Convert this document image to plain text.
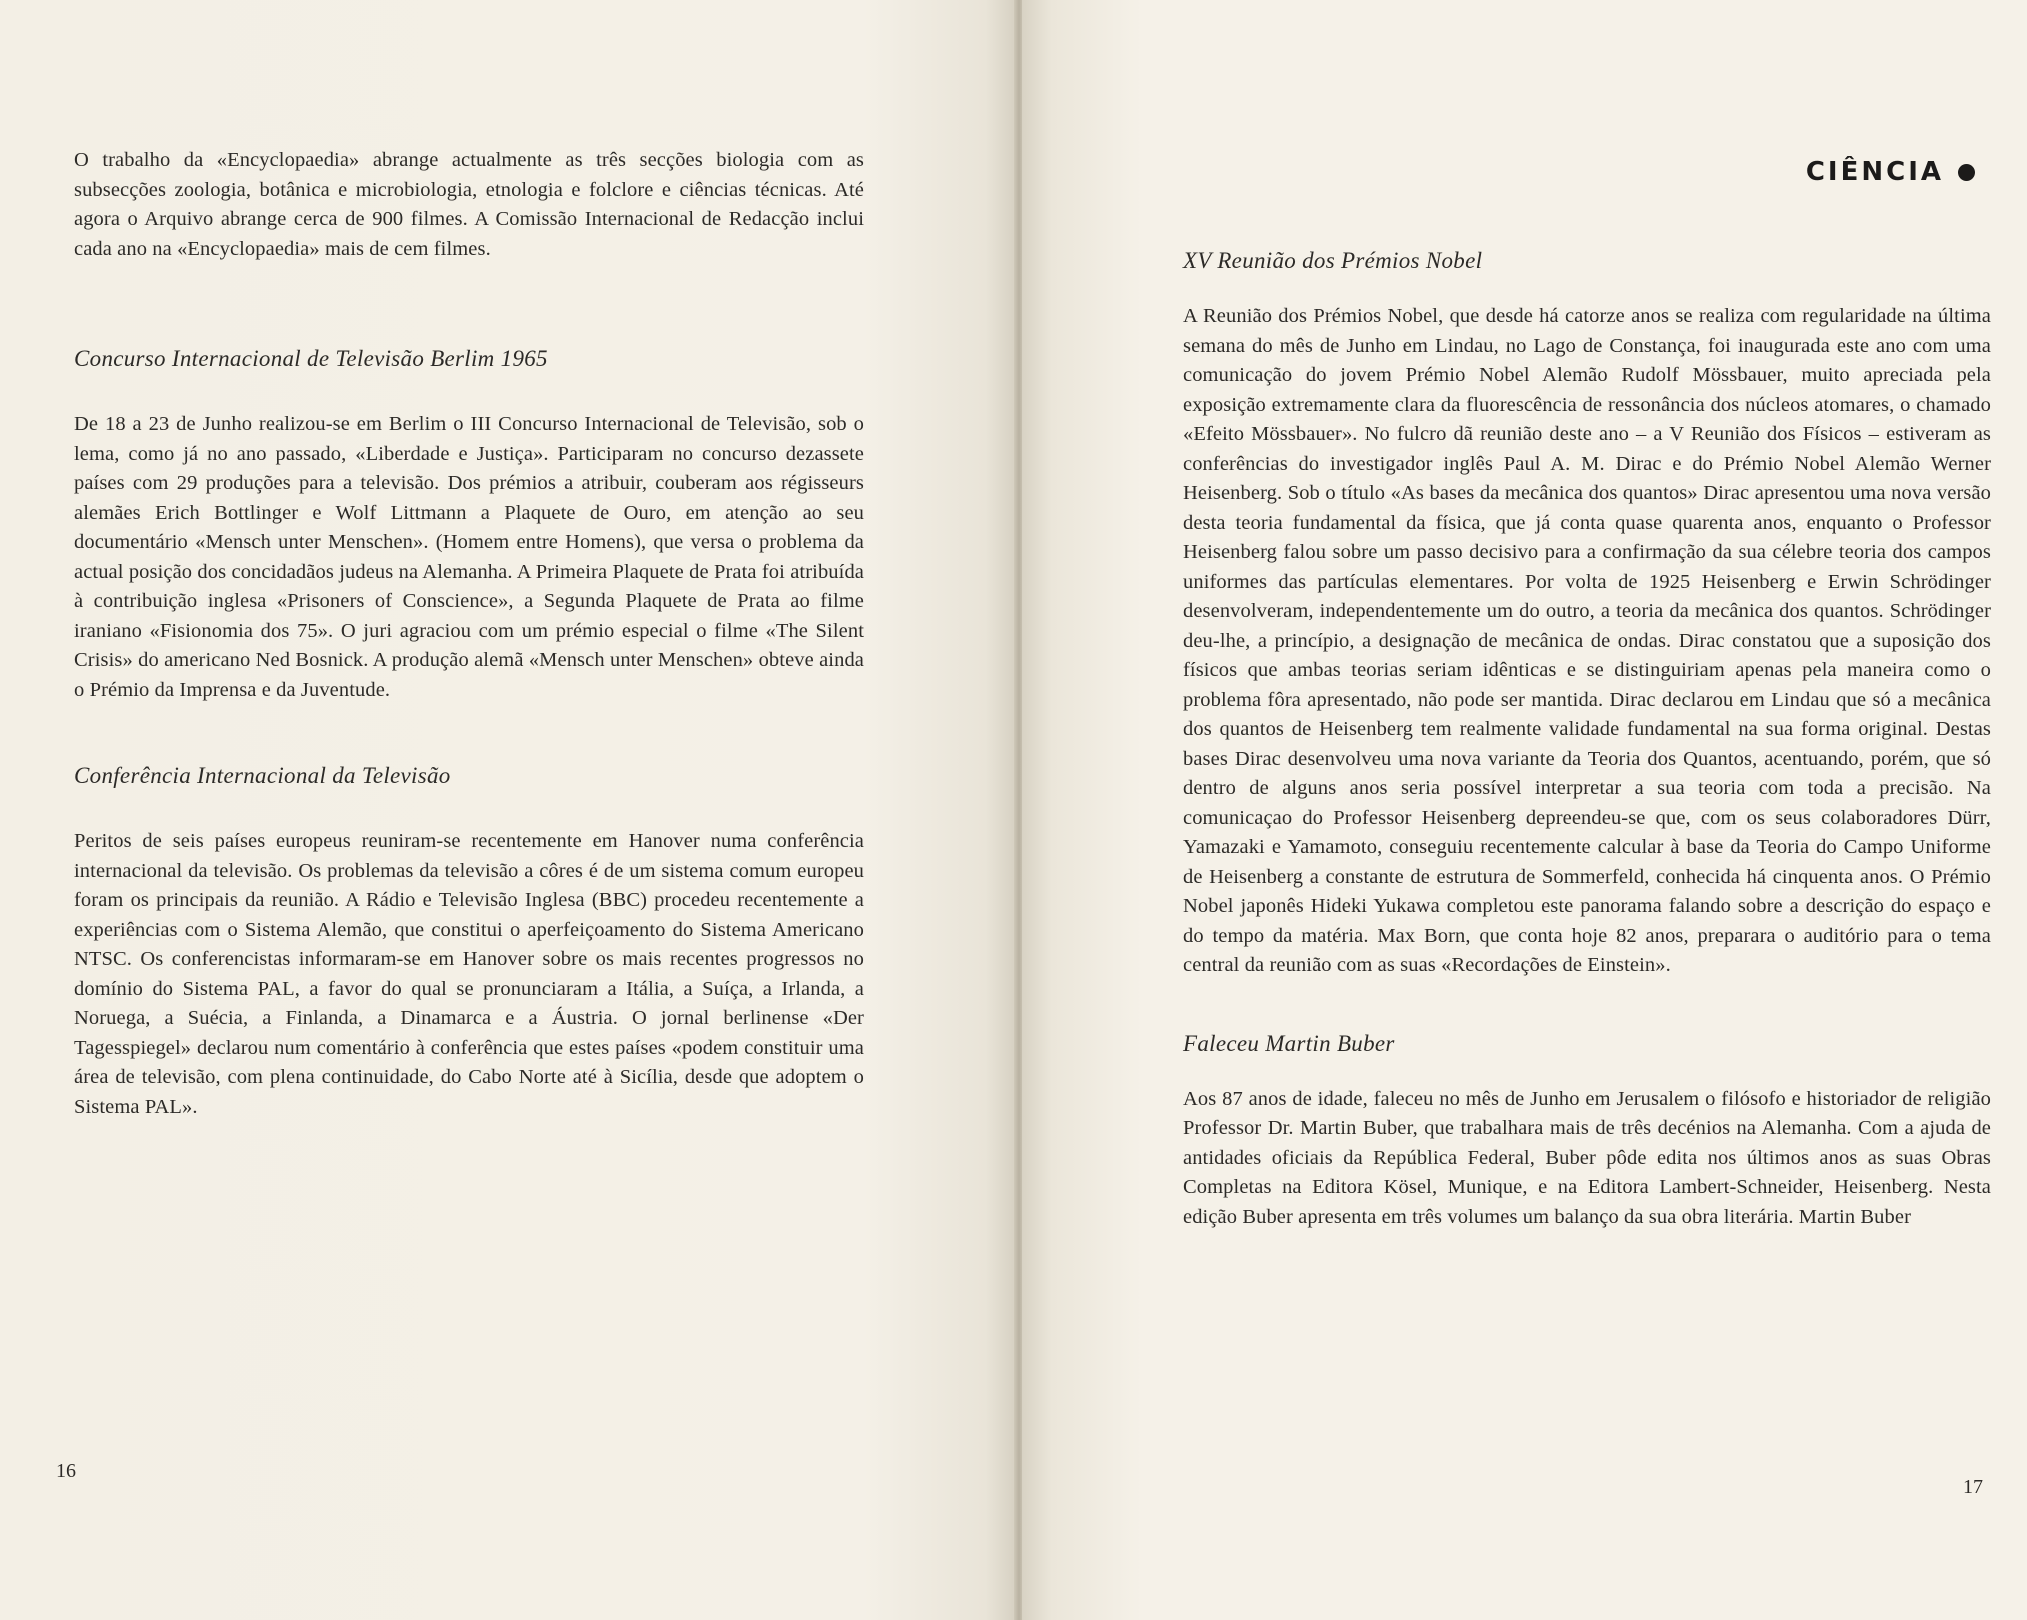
O trabalho da «Encyclopaedia» abrange actualmente as três secções biologia com as subsecções zoologia, botânica e microbiologia, etnologia e folclore e ciências técnicas. Até agora o Arquivo abrange cerca de 900 filmes. A Comissão Internacional de Redacção inclui cada ano na «Encyclopaedia» mais de cem filmes.

Concurso Internacional de Televisão Berlim 1965

De 18 a 23 de Junho realizou-se em Berlim o III Concurso Internacional de Televisão, sob o lema, como já no ano passado, «Liberdade e Justiça». Participaram no concurso dezassete países com 29 produções para a televisão. Dos prémios a atribuir, couberam aos régisseurs alemães Erich Bottlinger e Wolf Littmann a Plaquete de Ouro, em atenção ao seu documentário «Mensch unter Menschen». (Homem entre Homens), que versa o problema da actual posição dos concidadãos judeus na Alemanha. A Primeira Plaquete de Prata foi atribuída à contribuição inglesa «Prisoners of Conscience», a Segunda Plaquete de Prata ao filme iraniano «Fisionomia dos 75». O juri agraciou com um prémio especial o filme «The Silent Crisis» do americano Ned Bosnick. A produção alemã «Mensch unter Menschen» obteve ainda o Prémio da Imprensa e da Juventude.

Conferência Internacional da Televisão

Peritos de seis países europeus reuniram-se recentemente em Hanover numa conferência internacional da televisão. Os problemas da televisão a côres é de um sistema comum europeu foram os principais da reunião. A Rádio e Televisão Inglesa (BBC) procedeu recentemente a experiências com o Sistema Alemão, que constitui o aperfeiçoamento do Sistema Americano NTSC. Os conferencistas informaram-se em Hanover sobre os mais recentes progressos no domínio do Sistema PAL, a favor do qual se pronunciaram a Itália, a Suíça, a Irlanda, a Noruega, a Suécia, a Finlanda, a Dinamarca e a Áustria. O jornal berlinense «Der Tagesspiegel» declarou num comentário à conferência que estes países «podem constituir uma área de televisão, com plena continuidade, do Cabo Norte até à Sicília, desde que adoptem o Sistema PAL».

16
CIÊNCIA
XV Reunião dos Prémios Nobel

A Reunião dos Prémios Nobel, que desde há catorze anos se realiza com regularidade na última semana do mês de Junho em Lindau, no Lago de Constança, foi inaugurada este ano com uma comunicação do jovem Prémio Nobel Alemão Rudolf Mössbauer, muito apreciada pela exposição extremamente clara da fluorescência de ressonância dos núcleos atomares, o chamado «Efeito Mössbauer». No fulcro dã reunião deste ano – a V Reunião dos Físicos – estiveram as conferências do investigador inglês Paul A. M. Dirac e do Prémio Nobel Alemão Werner Heisenberg. Sob o título «As bases da mecânica dos quantos» Dirac apresentou uma nova versão desta teoria fundamental da física, que já conta quase quarenta anos, enquanto o Professor Heisenberg falou sobre um passo decisivo para a confirmação da sua célebre teoria dos campos uniformes das partículas elementares. Por volta de 1925 Heisenberg e Erwin Schrödinger desenvolveram, independentemente um do outro, a teoria da mecânica dos quantos. Schrödinger deu-lhe, a princípio, a designação de mecânica de ondas. Dirac constatou que a suposição dos físicos que ambas teorias seriam idênticas e se distinguiriam apenas pela maneira como o problema fôra apresentado, não pode ser mantida. Dirac declarou em Lindau que só a mecânica dos quantos de Heisenberg tem realmente validade fundamental na sua forma original. Destas bases Dirac desenvolveu uma nova variante da Teoria dos Quantos, acentuando, porém, que só dentro de alguns anos seria possível interpretar a sua teoria com toda a precisão. Na comunicaçao do Professor Heisenberg depreendeu-se que, com os seus colaboradores Dürr, Yamazaki e Yamamoto, conseguiu recentemente calcular à base da Teoria do Campo Uniforme de Heisenberg a constante de estrutura de Sommerfeld, conhecida há cinquenta anos. O Prémio Nobel japonês Hideki Yukawa completou este panorama falando sobre a descrição do espaço e do tempo da matéria. Max Born, que conta hoje 82 anos, preparara o auditório para o tema central da reunião com as suas «Recordações de Einstein».

Faleceu Martin Buber

Aos 87 anos de idade, faleceu no mês de Junho em Jerusalem o filósofo e historiador de religião Professor Dr. Martin Buber, que trabalhara mais de três decénios na Alemanha. Com a ajuda de antidades oficiais da República Federal, Buber pôde edita nos últimos anos as suas Obras Completas na Editora Kösel, Munique, e na Editora Lambert-Schneider, Heisenberg. Nesta edição Buber apresenta em três volumes um balanço da sua obra literária. Martin Buber

17
